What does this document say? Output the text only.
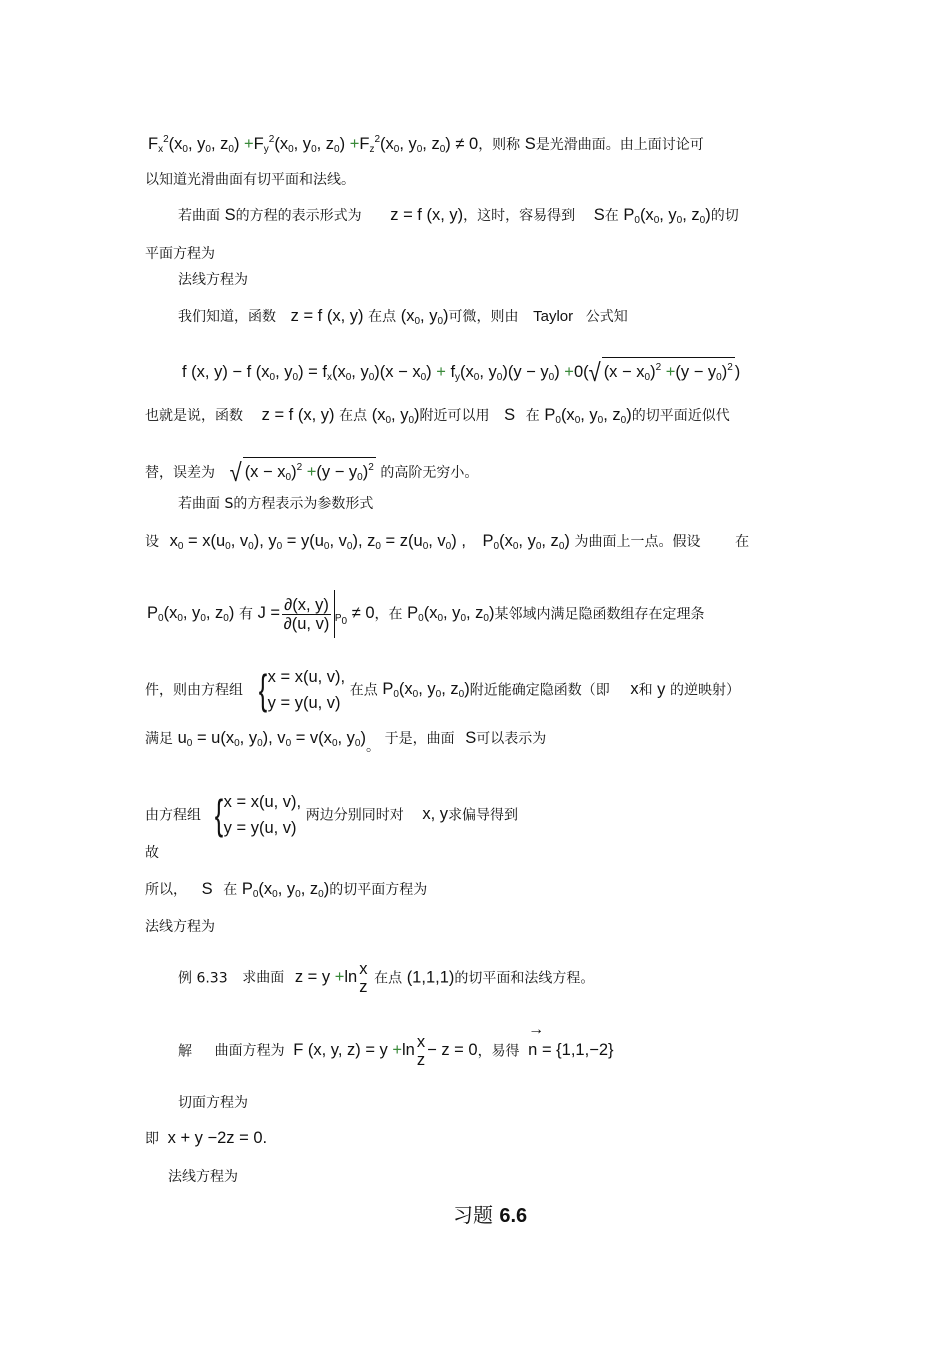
$F_x^2(x_0$, $y_0$, $z_0) +F_y^2(x_0$, $y_0$, $z_0) +F_z^2(x_0$, $y_0$, $z_0) \ne 0$，则称 S是光滑曲面。由上面讨论可
以知道光滑曲面有切平面和法线。
若曲面 S的方程的表示形式为 z = f (x, y)，这时，容易得到 S在 $P_0(x_0$, $y_0$, $z_0$)的切
平面方程为
法线方程为
我们知道，函数 z = f (x, y) 在点 ($x_0$, $y_0$)可微，则由 Taylor 公式知
f (x, y) − f ($x_0$, $y_0) = f_x(x_0$, $y_0)(x - x_0) + f_y(x_0$, $y_0)(y - y_0) +0(√$ $(x - x_0)^2 +(y - y_0)^2$ )
也就是说，函数 z = f (x, y) 在点 ($x_0$, $y_0$)附近可以用 S 在 $P_0(x_0$, $y_0$, $z_0$)的切平面近似代
替，误差为 √ $(x - x_0)^2 +(y - y_0)^2$ 的高阶无穷小。
若曲面 S的方程表示为参数形式
设 $x_0 = x(u_0$, $v_0$), $y_0 = y(u_0$, $v_0$), $z_0 = z(u_0$, $v_0$) , $P_0(x_0$, $y_0$, $z_0$) 为曲面上一点。假设 在
$P_0(x_0$, $y_0$, $z_0$) 有 $J = \frac{\partial(x, y)}{\partial(u, v)} _{P_0} \ne 0$，在 $P_0(x_0$, $y_0$, $z_0$)某邻域内满足隐函数组存在定理条
件，则由方程组 { x = x(u, v),
y = y(u, v)
在点 $P_0(x_0$, $y_0$, $z_0$)附近能确定隐函数（即 x和 y 的逆映射）
满足 $u_0 = u(x_0$, $y_0$), $v_0 = v(x_0$, $y_0$)。 于是，曲面 S可以表示为
由方程组 { x = x(u, v),
y = y(u, v)
两边分别同时对 x, y求偏导得到
故
所以， S 在 $P_0(x_0$, $y_0$, $z_0$)的切平面方程为
法线方程为
例 6.33 求曲面 z = y +ln x
z 在点 (1,1,1)的切平面和法线方程。
解 曲面方程为 F (x, y, z) = y +ln x
z
− z = 0，易得 → n = {1,1,−2}
切面方程为
即 x + y −2z = 0.
法线方程为
习题 6.6
